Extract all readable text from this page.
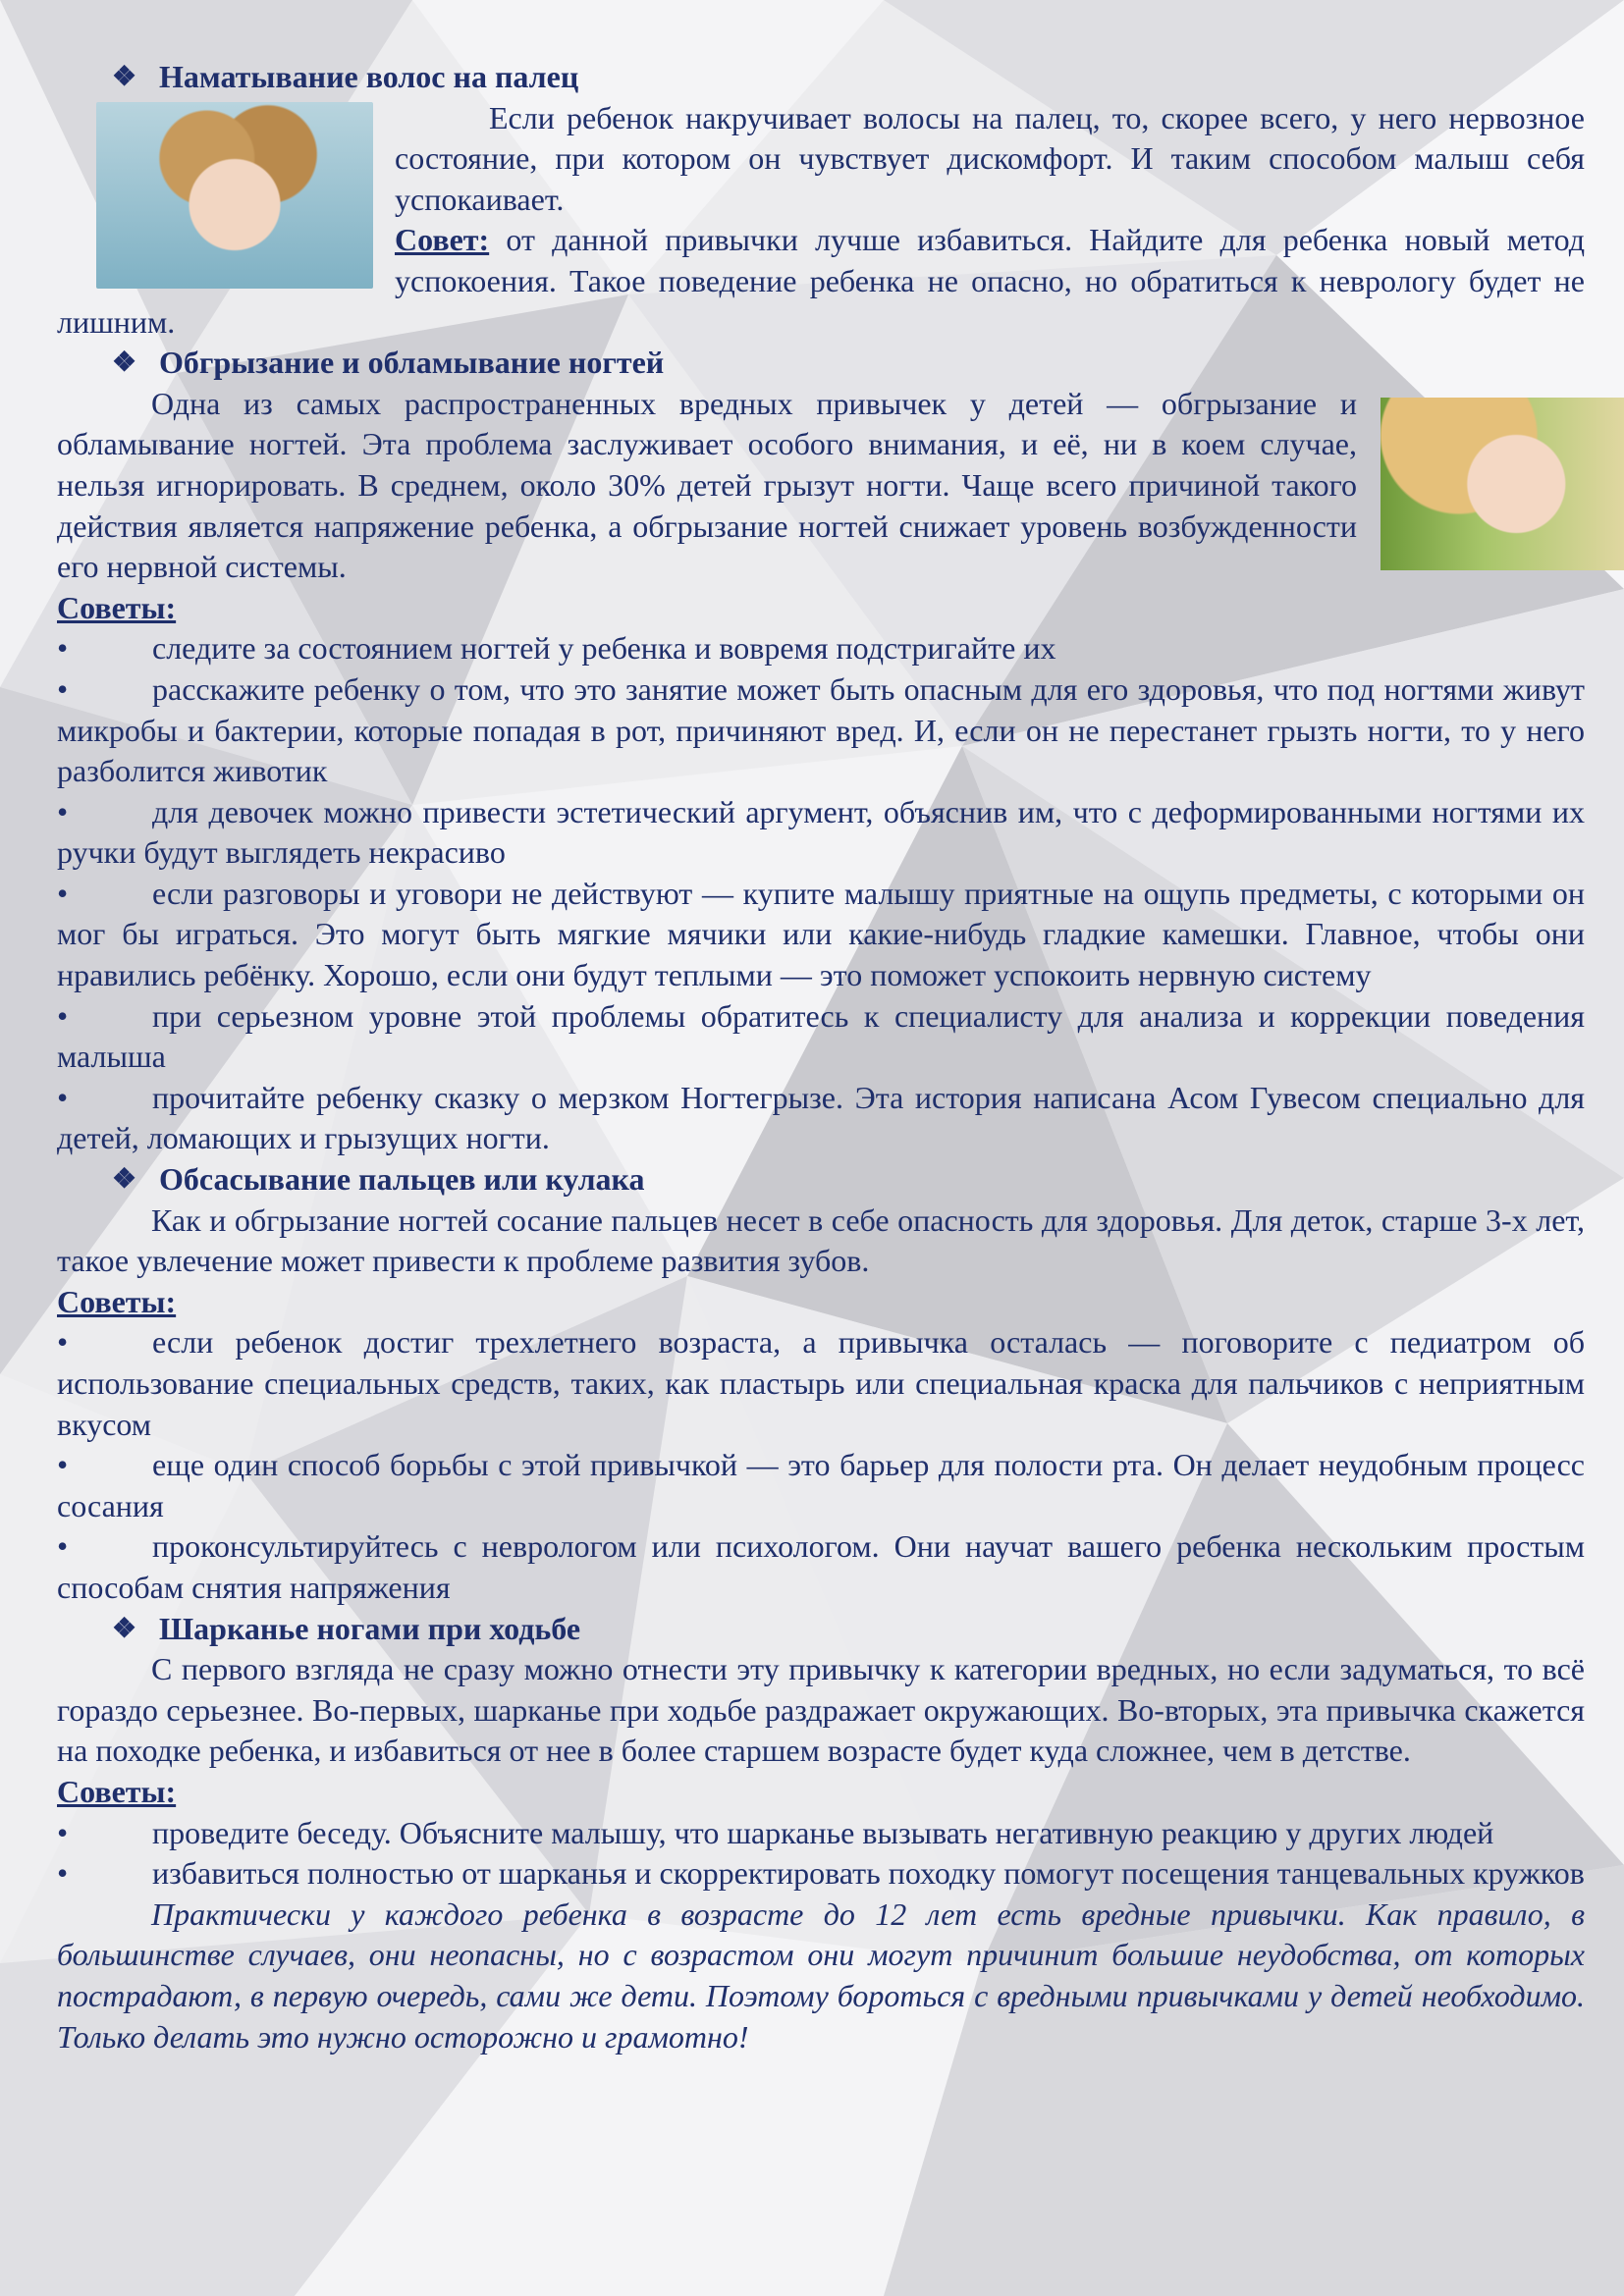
❖ Наматывание волос на палец

Если ребенок накручивает волосы на палец, то, скорее всего, у него нервозное состояние, при котором он чувствует дискомфорт. И таким способом малыш себя успокаивает.

Совет: от данной привычки лучше избавиться. Найдите для ребенка новый метод успокоения. Такое поведение ребенка не опасно, но обратиться к неврологу будет не лишним.

❖ Обгрызание и обламывание ногтей

Одна из самых распространенных вредных привычек у детей — обгрызание и обламывание ногтей. Эта проблема заслуживает особого внимания, и её, ни в коем случае, нельзя игнорировать. В среднем, около 30% детей грызут ногти. Чаще всего причиной такого действия является напряжение ребенка, а обгрызание ногтей снижает уровень возбужденности его нервной системы.

Советы:

•	следите за состоянием ногтей у ребенка и вовремя подстригайте их

•	расскажите ребенку о том, что это занятие может быть опасным для его здоровья, что под ногтями живут микробы и бактерии, которые попадая в рот, причиняют вред. И, если он не перестанет грызть ногти, то у него разболится животик

•	для девочек можно привести эстетический аргумент, объяснив им, что с деформированными ногтями их ручки будут выглядеть некрасиво

•	если разговоры и уговори не действуют — купите малышу приятные на ощупь предметы, с которыми он мог бы играться. Это могут быть мягкие мячики или какие-нибудь гладкие камешки. Главное, чтобы они нравились ребёнку. Хорошо, если они будут теплыми — это поможет успокоить нервную систему

•	при серьезном уровне этой проблемы обратитесь к специалисту для анализа и коррекции поведения малыша

•	прочитайте ребенку сказку о мерзком Ногтегрызе. Эта история написана Асом Гувесом специально для детей, ломающих и грызущих ногти.

❖ Обсасывание пальцев или кулака

Как и обгрызание ногтей сосание пальцев несет в себе опасность для здоровья. Для деток, старше 3-х лет, такое увлечение может привести к проблеме развития зубов.

Советы:

•	если ребенок достиг трехлетнего возраста, а привычка осталась — поговорите с педиатром об использование специальных средств, таких, как пластырь или специальная краска для пальчиков с неприятным вкусом

•	еще один способ борьбы с этой привычкой — это барьер для полости рта. Он делает неудобным процесс сосания

•	проконсультируйтесь с неврологом или психологом. Они научат вашего ребенка нескольким простым способам снятия напряжения

❖ Шарканье ногами при ходьбе

С первого взгляда не сразу можно отнести эту привычку к категории вредных, но если задуматься, то всё гораздо серьезнее. Во-первых, шарканье при ходьбе раздражает окружающих. Во-вторых, эта привычка скажется на походке ребенка, и избавиться от нее в более старшем возрасте будет куда сложнее, чем в детстве.

Советы:

•	проведите беседу. Объясните малышу, что шарканье вызывать негативную реакцию у других людей

•	избавиться полностью от шарканья и скорректировать походку помогут посещения танцевальных кружков

Практически у каждого ребенка в возрасте до 12 лет есть вредные привычки. Как правило, в большинстве случаев, они неопасны, но с возрастом они могут причинит большие неудобства, от которых пострадают, в первую очередь, сами же дети. Поэтому бороться с вредными привычками у детей необходимо. Только делать это нужно осторожно и грамотно!
